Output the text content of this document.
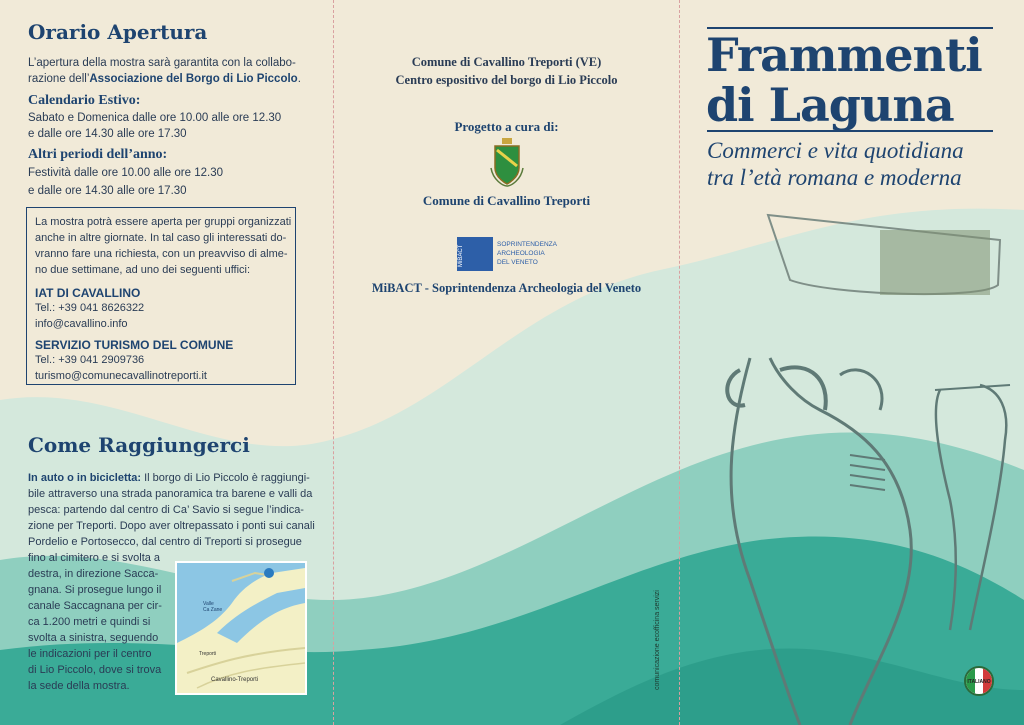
Orario Apertura
L’apertura della mostra sarà garantita con la collabo-
razione dell’Associazione del Borgo di Lio Piccolo.
Calendario Estivo:
Sabato e Domenica dalle ore 10.00 alle ore 12.30
e dalle ore 14.30 alle ore 17.30
Altri periodi dell’anno:
Festività dalle ore 10.00 alle ore 12.30
e dalle ore 14.30 alle ore 17.30
La mostra potrà essere aperta per gruppi organizzati
anche in altre giornate. In tal caso gli interessati do-
vranno fare una richiesta, con un preavviso di alme-
no due settimane, ad uno dei seguenti uffici:
IAT DI CAVALLINO
Tel.: +39 041 8626322
info@cavallino.info
SERVIZIO TURISMO DEL COMUNE
Tel.: +39 041 2909736
turismo@comunecavallinotreporti.it
Come Raggiungerci
In auto o in bicicletta: Il borgo di Lio Piccolo è raggiungi-
bile attraverso una strada panoramica tra barene e valli da
pesca: partendo dal centro di Ca’ Savio si segue l’indica-
zione per Treporti. Dopo aver oltrepassato i ponti sui canali
Pordelio e Portosecco, dal centro di Treporti si prosegue
fino al cimitero e si svolta a
destra, in direzione Sacca-
gnana. Si prosegue lungo il
canale Saccagnana per cir-
ca 1.200 metri e quindi si
svolta a sinistra, seguendo
le indicazioni per il centro
di Lio Piccolo, dove si trova
la sede della mostra.
Valle
Ca Zane
Treporti
Cavallino-Treporti
Comune di Cavallino Treporti (VE)
Centro espositivo del borgo di Lio Piccolo
Progetto a cura di:
Comune di Cavallino Treporti
MiBACT
SOPRINTENDENZA
ARCHEOLOGIA
DEL VENETO
MiBACT - Soprintendenza Archeologia del Veneto
comunicazione ecofficina servizi
Frammenti
di Laguna
Commerci e vita quotidiana
tra l’età romana e moderna
ITALIANO
